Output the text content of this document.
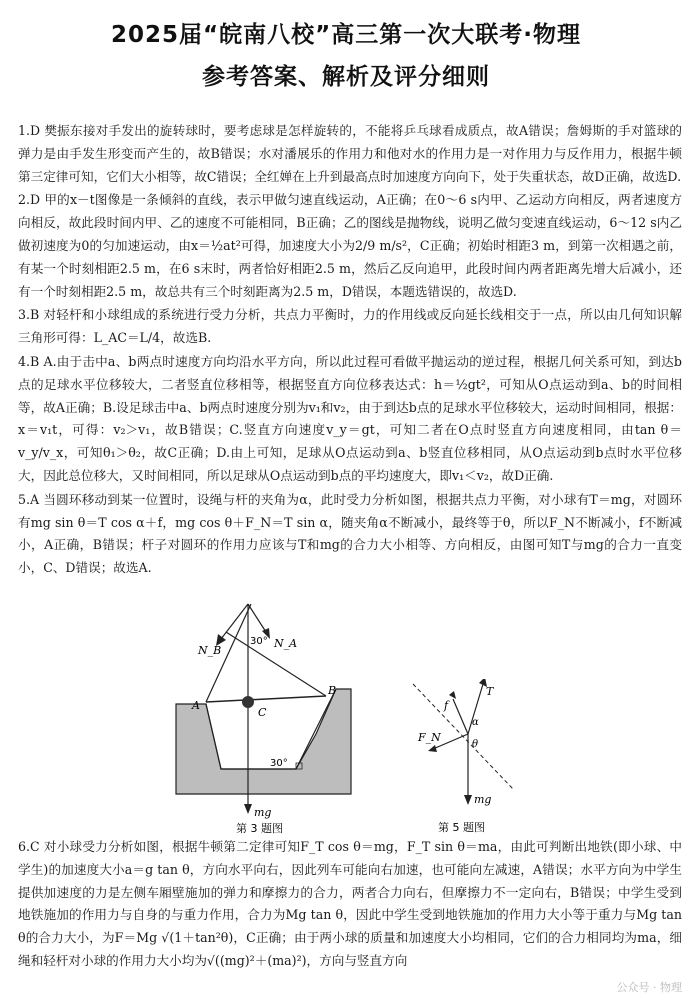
2025届“皖南八校”高三第一次大联考·物理
参考答案、解析及评分细则

1.D 樊振东接对手发出的旋转球时，要考虑球是怎样旋转的，不能将乒乓球看成质点，故A错误；詹姆斯的手对篮球的弹力是由手发生形变而产生的，故B错误；水对潘展乐的作用力和他对水的作用力是一对作用力与反作用力，根据牛顿第三定律可知，它们大小相等，故C错误；全红婵在上升到最高点时加速度方向向下，处于失重状态，故D正确，故选D.

2.D 甲的x－t图像是一条倾斜的直线，表示甲做匀速直线运动，A正确；在0～6 s内甲、乙运动方向相反，两者速度方向相反，故此段时间内甲、乙的速度不可能相同，B正确；乙的图线是抛物线，说明乙做匀变速直线运动，6～12 s内乙做初速度为0的匀加速运动，由x＝½at²可得，加速度大小为2/9 m/s²，C正确；初始时相距3 m，到第一次相遇之前，有某一个时刻相距2.5 m，在6 s末时，两者恰好相距2.5 m，然后乙反向追甲，此段时间内两者距离先增大后减小，还有一个时刻相距2.5 m，故总共有三个时刻距离为2.5 m，D错误，本题选错误的，故选D.

3.B 对轻杆和小球组成的系统进行受力分析，共点力平衡时，力的作用线或反向延长线相交于一点，所以由几何知识解三角形可得：L_AC＝L/4，故选B.

4.B A.由于击中a、b两点时速度方向均沿水平方向，所以此过程可看做平抛运动的逆过程，根据几何关系可知，到达b点的足球水平位移较大，二者竖直位移相等，根据竖直方向位移表达式：h＝½gt²，可知从O点运动到a、b的时间相等，故A正确；B.设足球击中a、b两点时速度分别为v₁和v₂，由于到达b点的足球水平位移较大，运动时间相同，根据：x＝v₁t，可得：v₂＞v₁，故B错误；C.竖直方向速度v_y＝gt，可知二者在O点时竖直方向速度相同，由tan θ＝v_y/v_x，可知θ₁＞θ₂，故C正确；D.由上可知，足球从O点运动到a、b竖直位移相同，从O点运动到b点时水平位移大，因此总位移大，又时间相同，所以足球从O点运动到b点的平均速度大，即v₁＜v₂，故D正确.

5.A 当圆环移动到某一位置时，设绳与杆的夹角为α，此时受力分析如图，根据共点力平衡，对小球有T＝mg，对圆环有mg sin θ＝T cos α＋f，mg cos θ＋F_N＝T sin α，随夹角α不断减小，最终等于θ，所以F_N不断减小，f不断减小，A正确，B错误；杆子对圆环的作用力应该与T和mg的合力大小相等、方向相反，由图可知T与mg的合力一直变小，C、D错误；故选A.

N_B
N_A
30°
A
B
C
30°
mg
第 3 题图
T
f
α
θ
F_N
mg
第 5 题图

6.C 对小球受力分析如图，根据牛顿第二定律可知F_T cos θ＝mg，F_T sin θ＝ma，由此可判断出地铁(即小球、中学生)的加速度大小a＝g tan θ，方向水平向右，因此列车可能向右加速，也可能向左减速，A错误；水平方向为中学生提供加速度的力是左侧车厢壁施加的弹力和摩擦力的合力，两者合力向右，但摩擦力不一定向右，B错误；中学生受到地铁施加的作用力与自身的与重力作用，合力为Mg tan θ，因此中学生受到地铁施加的作用力大小等于重力与Mg tan θ的合力大小，为F＝Mg √(1＋tan²θ)，C正确；由于两小球的质量和加速度大小均相同，它们的合力相同均为ma，细绳和轻杆对小球的作用力大小均为√((mg)²＋(ma)²)，方向与竖直方向

公众号 · 物理
